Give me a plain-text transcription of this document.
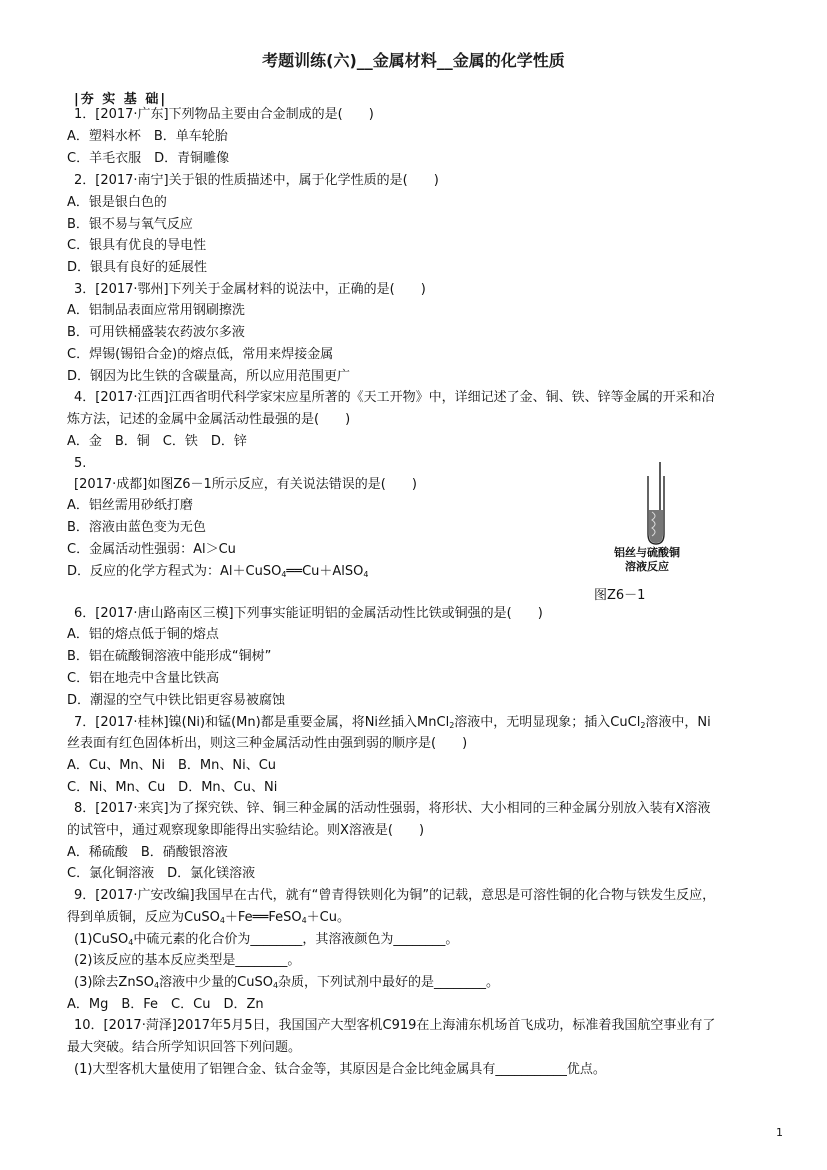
考题训练(六)__金属材料__金属的化学性质
|夯 实 基 础|
1．[2017·广东]下列物品主要由合金制成的是(　　)
A．塑料水杯　B．单车轮胎
C．羊毛衣服　D．青铜雕像
2．[2017·南宁]关于银的性质描述中，属于化学性质的是(　　)
A．银是银白色的
B．银不易与氧气反应
C．银具有优良的导电性
D．银具有良好的延展性
3．[2017·鄂州]下列关于金属材料的说法中，正确的是(　　)
A．铝制品表面应常用钢刷擦洗
B．可用铁桶盛装农药波尔多液
C．焊锡(锡铅合金)的熔点低，常用来焊接金属
D．钢因为比生铁的含碳量高，所以应用范围更广
4．[2017·江西]江西省明代科学家宋应星所著的《天工开物》中，详细记述了金、铜、铁、锌等金属的开采和冶
炼方法，记述的金属中金属活动性最强的是(　　)
A．金　B．铜　C．铁　D．锌
5.
[2017·成都]如图Z6－1所示反应，有关说法错误的是(　　)
A．铝丝需用砂纸打磨
B．溶液由蓝色变为无色
C．金属活动性强弱：Al＞Cu
D．反应的化学方程式为：Al＋CuSO$_4$══Cu＋AlSO$_4$
铝丝与硫酸铜
溶液反应
图Z6－1
6．[2017·唐山路南区三模]下列事实能证明铝的金属活动性比铁或铜强的是(　　)
A．铝的熔点低于铜的熔点
B．铝在硫酸铜溶液中能形成“铜树”
C．铝在地壳中含量比铁高
D．潮湿的空气中铁比铝更容易被腐蚀
7．[2017·桂林]镍(Ni)和锰(Mn)都是重要金属，将Ni丝插入MnCl$_2$溶液中，无明显现象；插入CuCl$_2$溶液中，Ni
丝表面有红色固体析出，则这三种金属活动性由强到弱的顺序是(　　)
A．Cu、Mn、Ni　B．Mn、Ni、Cu
C．Ni、Mn、Cu　D．Mn、Cu、Ni
8．[2017·来宾]为了探究铁、锌、铜三种金属的活动性强弱，将形状、大小相同的三种金属分别放入装有X溶液
的试管中，通过观察现象即能得出实验结论。则X溶液是(　　)
A．稀硫酸　B．硝酸银溶液
C．氯化铜溶液　D．氯化镁溶液
9．[2017·广安改编]我国早在古代，就有“曾青得铁则化为铜”的记载，意思是可溶性铜的化合物与铁发生反应，
得到单质铜，反应为CuSO$_4$＋Fe══FeSO$_4$＋Cu。
(1)CuSO$_4$中硫元素的化合价为________，其溶液颜色为________。
(2)该反应的基本反应类型是________。
(3)除去ZnSO$_4$溶液中少量的CuSO$_4$杂质，下列试剂中最好的是________。
A．Mg　B．Fe　C．Cu　D．Zn
10．[2017·菏泽]2017年5月5日，我国国产大型客机C919在上海浦东机场首飞成功，标准着我国航空事业有了
最大突破。结合所学知识回答下列问题。
(1)大型客机大量使用了铝锂合金、钛合金等，其原因是合金比纯金属具有___________优点。
1
